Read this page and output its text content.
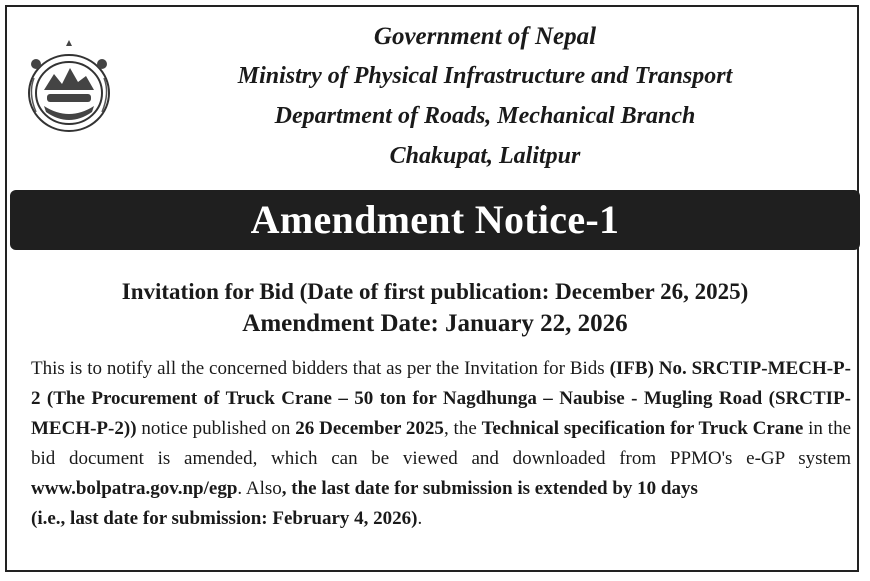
Government of Nepal
Ministry of Physical Infrastructure and Transport
Department of Roads, Mechanical Branch
Chakupat, Lalitpur
Amendment Notice-1
Invitation for Bid (Date of first publication: December 26, 2025)
Amendment Date: January 22, 2026
This is to notify all the concerned bidders that as per the Invitation for Bids (IFB) No. SRCTIP-MECH-P-2 (The Procurement of Truck Crane – 50 ton for Nagdhunga – Naubise - Mugling Road (SRCTIP-MECH-P-2)) notice published on 26 December 2025, the Technical specification for Truck Crane in the bid document is amended, which can be viewed and downloaded from PPMO's e-GP system www.bolpatra.gov.np/egp. Also, the last date for submission is extended by 10 days
(i.e., last date for submission: February 4, 2026).
